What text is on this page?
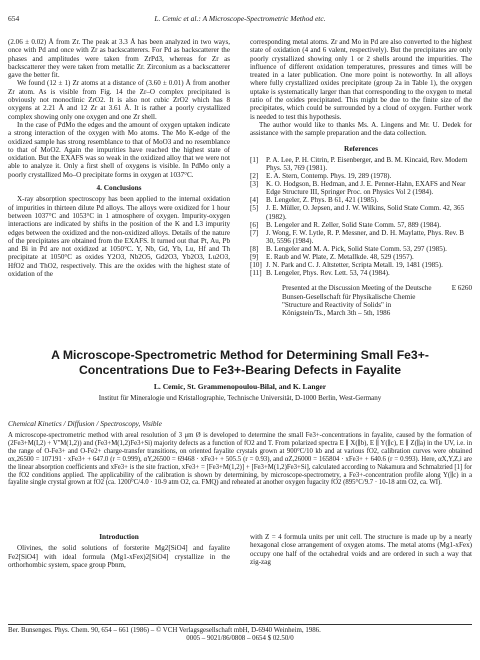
654	L. Cemic et al.: A Microscope-Spectrometric Method etc.

(2.06 ± 0.02) Å from Zr. The peak at 3.3 Å has been analyzed in two ways, once with Pd and once with Zr as backscatterers. For Pd as backscatterer the phases and amplitudes were taken from ZrPd3, whereas for Zr as backscatterer they were taken from metallic Zr. Zirconium as a backscatterer gave the better fit.

We found (12 ± 1) Zr atoms at a distance of (3.60 ± 0.01) Å from another Zr atom. As is visible from Fig. 14 the Zr–O complex precipitated is obviously not monoclinic ZrO2. It is also not cubic ZrO2 which has 8 oxygens at 2.21 Å and 12 Zr at 3.61 Å. It is rather a poorly crystallized complex showing only one oxygen and one Zr shell.

In the case of PdMo the edges and the amount of oxygen uptaken indicate a strong interaction of the oxygen with Mo atoms. The Mo K-edge of the oxidized sample has strong resemblance to that of MoO3 and no resemblance to that of MoO2. Again the impurities have reached the highest state of oxidation. But the EXAFS was so weak in the oxidized alloy that we were not able to analyze it. Only a first shell of oxygens is visible. In PdMo only a poorly crystallized Mo–O precipitate forms in oxygen at 1037°C.

4. Conclusions

X-ray absorption spectroscopy has been applied to the internal oxidation of impurities in thirteen dilute Pd alloys. The alloys were oxidized for 1 hour between 1037°C and 1053°C in 1 atmosphere of oxygen. Impurity-oxygen interactions are indicated by shifts in the position of the K and L3 impurity edges between the oxidized and the non-oxidized alloys. Details of the nature of the precipitates are obtained from the EXAFS. It turned out that Pt, Au, Pb and Bi in Pd are not oxidized at 1050°C. Y, Nb, Gd, Yb, Lu, Hf and Th precipitate at 1050°C as oxides Y2O3, Nb2O5, Gd2O3, Yb2O3, Lu2O3, HfO2 and ThO2, respectively. This are the oxides with the highest state of oxidation of the

corresponding metal atoms. Zr and Mo in Pd are also converted to the highest state of oxidation (4 and 6 valent, respectively). But the precipitates are only poorly crystallized showing only 1 or 2 shells around the impurities. The influence of different oxidation temperatures, pressures and times will be treated in a later publication. One more point is noteworthy. In all alloys where fully crystallized oxides precipitate (group 2a in Table 1), the oxygen uptake is systematically larger than that corresponding to the oxygen to metal ratio of the oxides precipitated. This might be due to the finite size of the precipitates, which could be surrounded by a cloud of oxygen. Further work is needed to test this hypothesis.

The author would like to thanks Ms. A. Lingens and Mr. U. Dedek for assistance with the sample preparation and the data collection.

References
[1] P. A. Lee, P. H. Citrin, P. Eisenberger, and B. M. Kincaid, Rev. Modern Phys. 53, 769 (1981).
[2] E. A. Stern, Contemp. Phys. 19, 289 (1978).
[3] K. O. Hodgson, B. Hedman, and J. E. Penner-Hahn, EXAFS and Near Edge Structure III, Springer Proc. on Physics Vol 2 (1984).
[4] B. Lengeler, Z. Phys. B 61, 421 (1985).
[5] J. E. Müller, O. Jepsen, and J. W. Wilkins, Solid State Comm. 42, 365 (1982).
[6] B. Lengeler and R. Zeller, Solid State Comm. 57, 889 (1984).
[7] J. Wong, F. W. Lytle, R. P. Messner, and D. H. Maylatte, Phys. Rev. B 30, 5596 (1984).
[8] B. Lengeler and M. A. Pick, Solid State Comm. 53, 297 (1985).
[9] E. Raub and W. Plate, Z. Metallkde. 48, 529 (1957).
[10] J. N. Park and C. J. Altstetter, Scripta Metall. 19, 1481 (1985).
[11] B. Lengeler, Phys. Rev. Lett. 53, 74 (1984).
Presented at the Discussion Meeting of the Deutsche Bunsen-Gesellschaft für Physikalische Chemie "Structure and Reactivity of Solids" in Königstein/Ts., March 3th – 5th, 1986
E 6260
A Microscope-Spectrometric Method for Determining Small Fe3+-Concentrations Due to Fe3+-Bearing Defects in Fayalite
L. Cemic, St. Grammenopoulou-Bilal, and K. Langer
Institut für Mineralogie und Kristallographie, Technische Universität, D-1000 Berlin, West-Germany
Chemical Kinetics / Diffusion / Spectroscopy, Visible

A microscope-spectrometric method with areal resolution of 3 μm Ø is developed to determine the small Fe3+-concentrations in fayalite, caused by the formation of (2Fe3+M(I,2) + V''M(1,2)) and (Fe3+M(1,2)Fe3+Si) majority defects as a function of fO2 and T. From polarized spectra E ∥ X(∥b), E ∥ Y(∥c), E ∥ Z(∥a) in the UV, i.e. in the range of O-Fe3+ and O-Fe2+ charge-transfer transitions, on oriented fayalite crystals grown at 900°C/10 kb and at various fO2, calibration curves were obtained αx,26500 = 107191 · xFe3+ + 647.0 (r = 0.999), αY,26500 = 69468 · xFe3+ + 505.5 (r = 0.93), and αZ,26000 = 165804 · xFe3+ + 640.6 (r = 0.993). Here, αX,Y,Z,i are the linear absorption coefficients and xFe3+ is the site fraction, xFe3+ = [Fe3+M(1,2)] + [Fe3+M(1,2)Fe3+Si], calculated according to Nakamura and Schmalzried [1] for the fO2 conditions applied. The applicability of the calibration is shown by determining, by microscope-spectrometry, a Fe3+-concentration profile along Y(∥c) in a fayalite single crystal grown at fO2 (ca. 1200°C/4.0 · 10-9 atm O2, ca. FMQ) and reheated at another oxygen fugacity fO2 (895°C/9.7 · 10-18 atm O2, ca. WI).

Introduction

Olivines, the solid solutions of forsterite Mg2[SiO4] and fayalite Fe2[SiO4] with ideal formula (Mg1-xFex)2[SiO4] crystallize in the orthorhombic system, space group Pbnm,

with Z = 4 formula units per unit cell. The structure is made up by a nearly hexagonal close arrangement of oxygen atoms. The metal atoms (Mg1-xFex) occupy one half of the octahedral voids and are ordered in such a way that zig-zag

Ber. Bunsenges. Phys. Chem. 90, 654 – 661 (1986) – © VCH Verlagsgesellschaft mbH, D-6940 Weinheim, 1986.
0005 – 9021/86/0808 – 0654 $ 02.50/0
